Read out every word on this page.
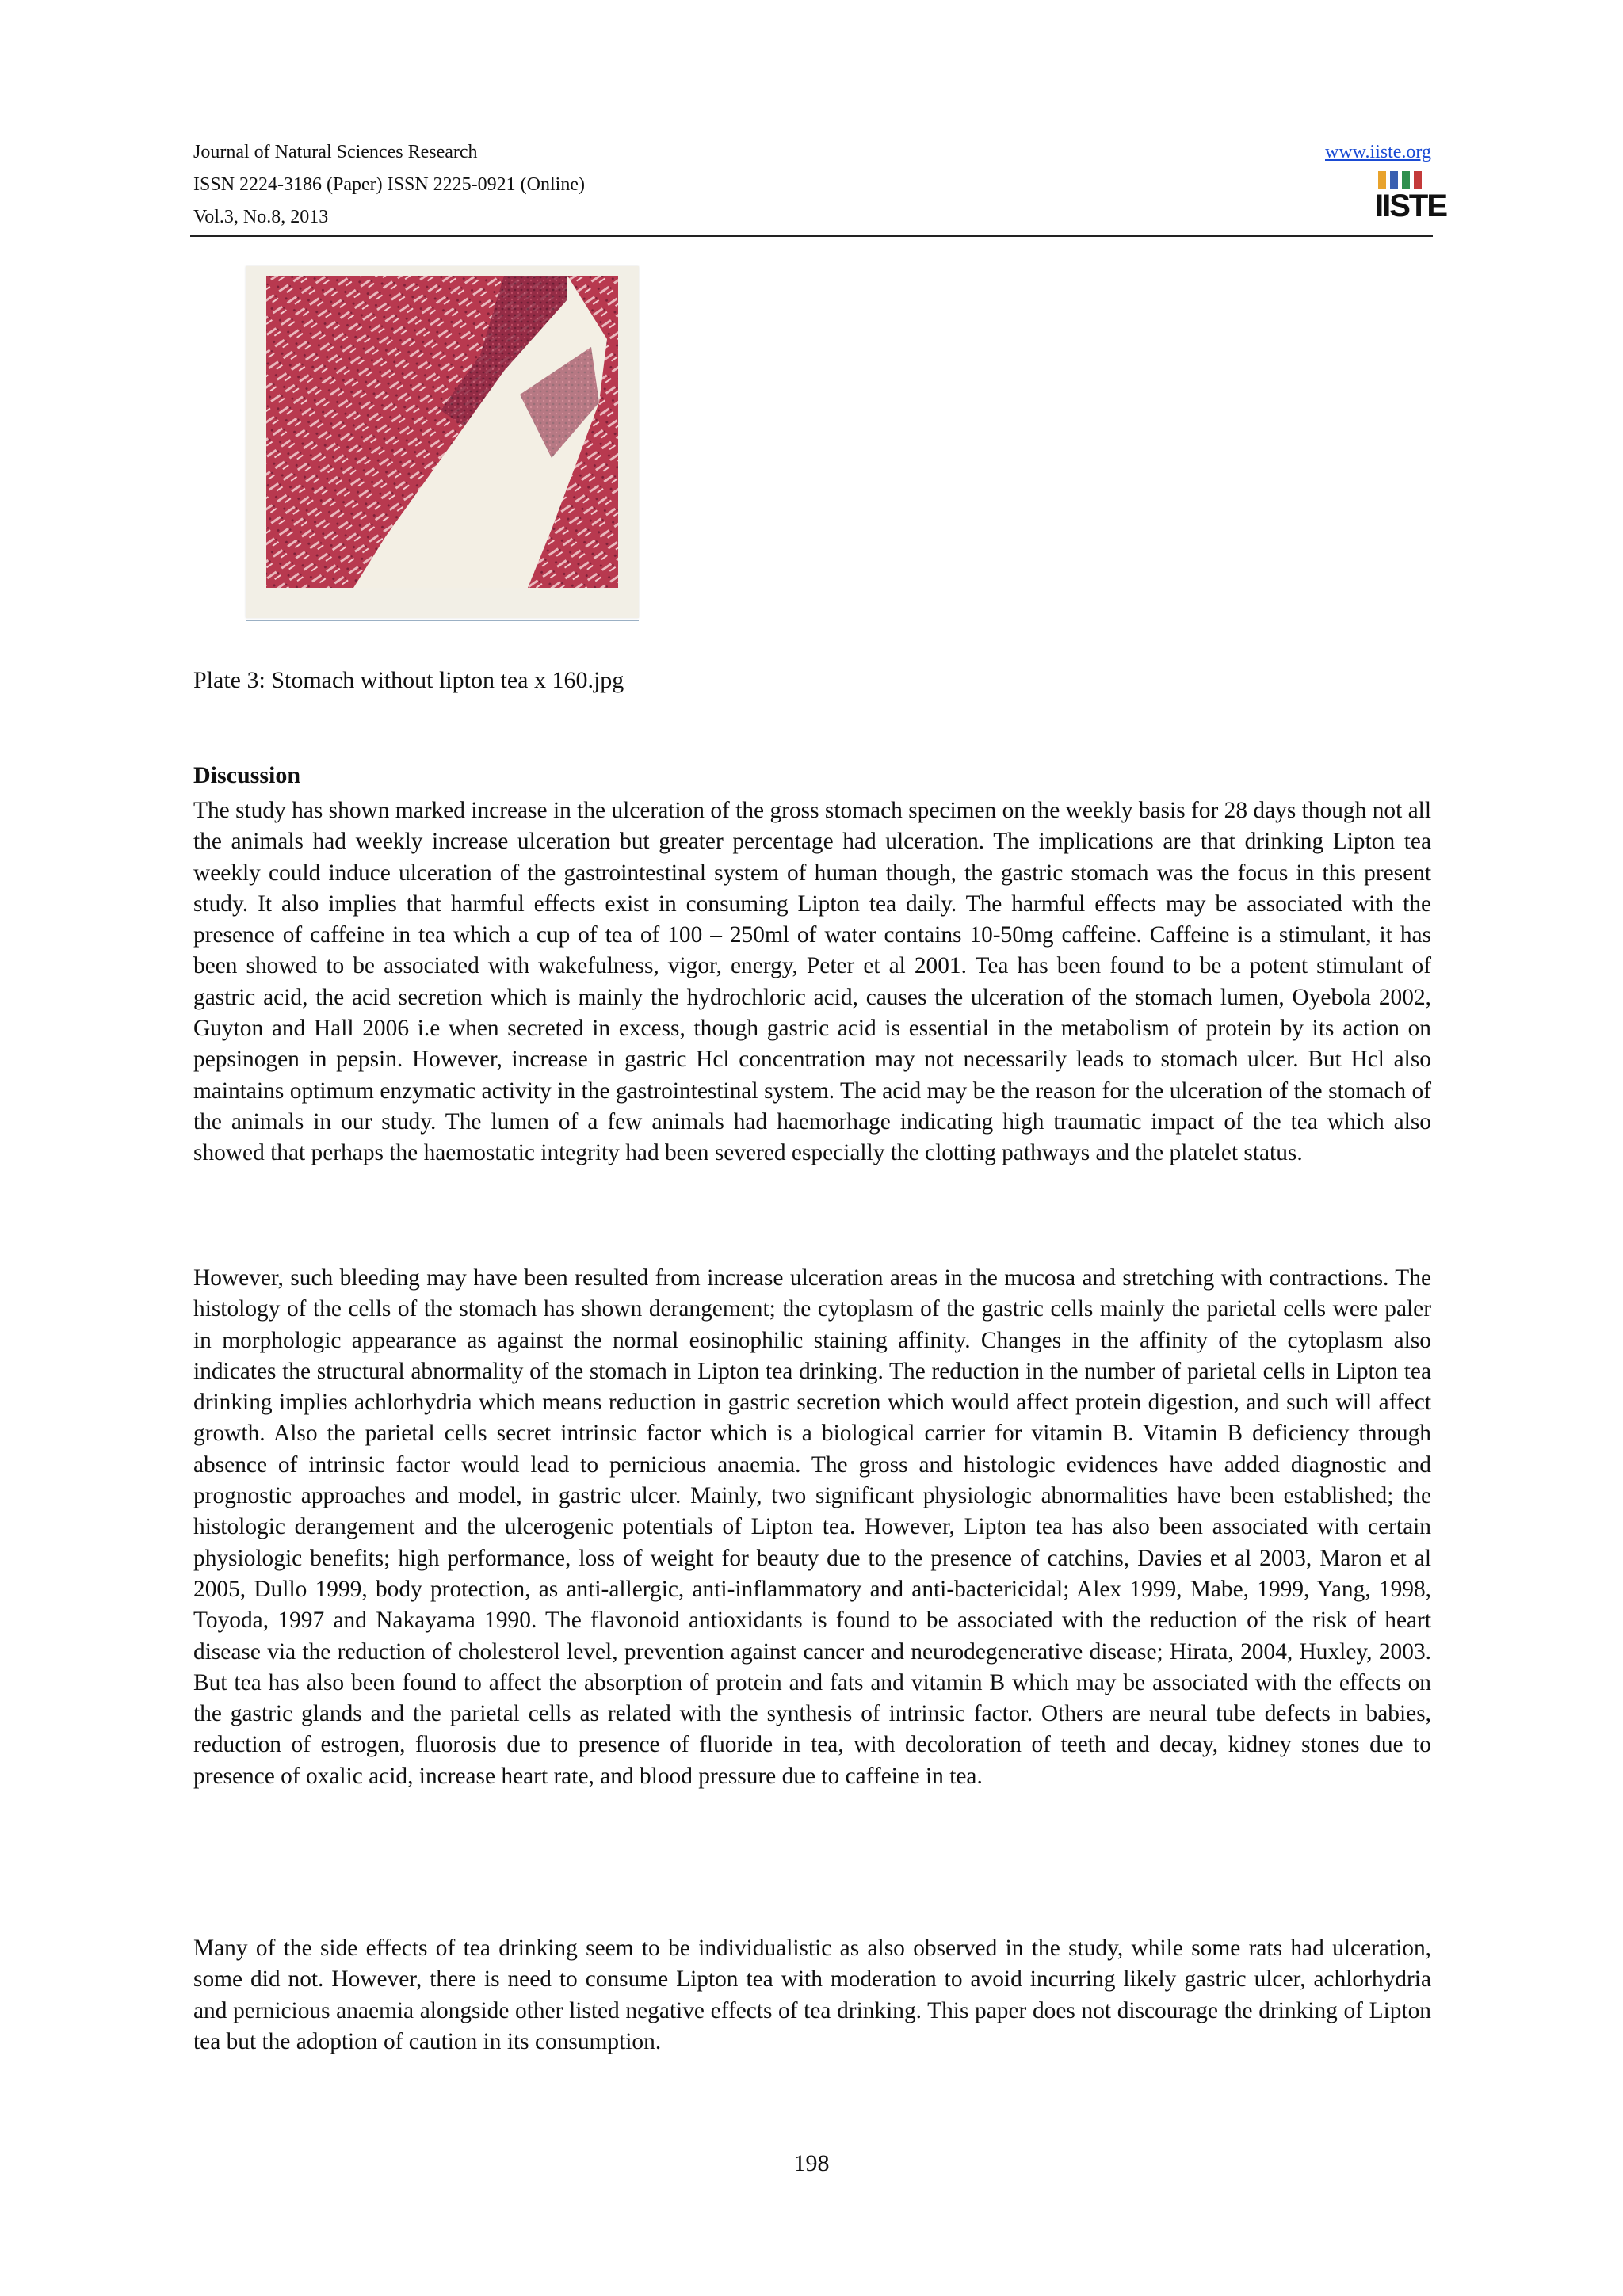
Journal of Natural Sciences Research
ISSN 2224-3186 (Paper) ISSN 2225-0921 (Online)
Vol.3, No.8, 2013
www.iiste.org
IISTE
Plate 3: Stomach without lipton tea x 160.jpg
Discussion

The study has shown marked increase in the ulceration of the gross stomach specimen on the weekly basis for 28 days though not all the animals had weekly increase ulceration but greater percentage had ulceration. The implications are that drinking Lipton tea weekly could induce ulceration of the gastrointestinal system of human though, the gastric stomach was the focus in this present study. It also implies that harmful effects exist in consuming Lipton tea daily. The harmful effects may be associated with the presence of caffeine in tea which a cup of tea of 100 – 250ml of water contains 10-50mg caffeine. Caffeine is a stimulant, it has been showed to be associated with wakefulness, vigor, energy, Peter et al 2001. Tea has been found to be a potent stimulant of gastric acid, the acid secretion which is mainly the hydrochloric acid, causes the ulceration of the stomach lumen, Oyebola 2002, Guyton and Hall 2006 i.e when secreted in excess, though gastric acid is essential in the metabolism of protein by its action on pepsinogen in pepsin. However, increase in gastric Hcl concentration may not necessarily leads to stomach ulcer. But Hcl also maintains optimum enzymatic activity in the gastrointestinal system. The acid may be the reason for the ulceration of the stomach of the animals in our study. The lumen of a few animals had haemorhage indicating high traumatic impact of the tea which also showed that perhaps the haemostatic integrity had been severed especially the clotting pathways and the platelet status.

However, such bleeding may have been resulted from increase ulceration areas in the mucosa and stretching with contractions. The histology of the cells of the stomach has shown derangement; the cytoplasm of the gastric cells mainly the parietal cells were paler in morphologic appearance as against the normal eosinophilic staining affinity. Changes in the affinity of the cytoplasm also indicates the structural abnormality of the stomach in Lipton tea drinking. The reduction in the number of parietal cells in Lipton tea drinking implies achlorhydria which means reduction in gastric secretion which would affect protein digestion, and such will affect growth. Also the parietal cells secret intrinsic factor which is a biological carrier for vitamin B. Vitamin B deficiency through absence of intrinsic factor would lead to pernicious anaemia. The gross and histologic evidences have added diagnostic and prognostic approaches and model, in gastric ulcer. Mainly, two significant physiologic abnormalities have been established; the histologic derangement and the ulcerogenic potentials of Lipton tea. However, Lipton tea has also been associated with certain physiologic benefits; high performance, loss of weight for beauty due to the presence of catchins, Davies et al 2003, Maron et al 2005, Dullo 1999, body protection, as anti-allergic, anti-inflammatory and anti-bactericidal; Alex 1999, Mabe, 1999, Yang, 1998, Toyoda, 1997 and Nakayama 1990. The flavonoid antioxidants is found to be associated with the reduction of the risk of heart disease via the reduction of cholesterol level, prevention against cancer and neurodegenerative disease; Hirata, 2004, Huxley, 2003. But tea has also been found to affect the absorption of protein and fats and vitamin B which may be associated with the effects on the gastric glands and the parietal cells as related with the synthesis of intrinsic factor. Others are neural tube defects in babies, reduction of estrogen, fluorosis due to presence of fluoride in tea, with decoloration of teeth and decay, kidney stones due to presence of oxalic acid, increase heart rate, and blood pressure due to caffeine in tea.

Many of the side effects of tea drinking seem to be individualistic as also observed in the study, while some rats had ulceration, some did not. However, there is need to consume Lipton tea with moderation to avoid incurring likely gastric ulcer, achlorhydria and pernicious anaemia alongside other listed negative effects of tea drinking. This paper does not discourage the drinking of Lipton tea but the adoption of caution in its consumption.

198
